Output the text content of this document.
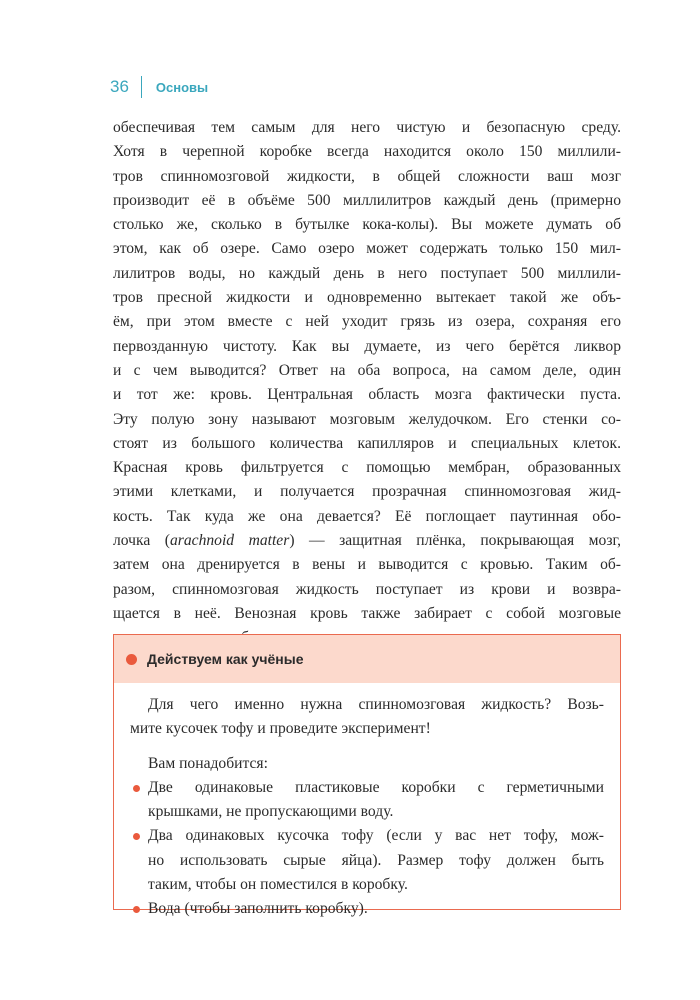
36 Основы
обеспечивая тем самым для него чистую и безопасную среду.
Хотя в черепной коробке всегда находится около 150 миллили-
тров спинномозговой жидкости, в общей сложности ваш мозг
производит её в объёме 500 миллилитров каждый день (примерно
столько же, сколько в бутылке кока-колы). Вы можете думать об
этом, как об озере. Само озеро может содержать только 150 мил-
лилитров воды, но каждый день в него поступает 500 миллили-
тров пресной жидкости и одновременно вытекает такой же объ-
ём, при этом вместе с ней уходит грязь из озера, сохраняя его
первозданную чистоту. Как вы думаете, из чего берётся ликвор
и с чем выводится? Ответ на оба вопроса, на самом деле, один
и тот же: кровь. Центральная область мозга фактически пуста.
Эту полую зону называют мозговым желудочком. Его стенки со-
стоят из большого количества капилляров и специальных клеток.
Красная кровь фильтруется с помощью мембран, образованных
этими клетками, и получается прозрачная спинномозговая жид-
кость. Так куда же она девается? Её поглощает паутинная обо-
лочка (arachnoid matter) — защитная плёнка, покрывающая мозг,
затем она дренируется в вены и выводится с кровью. Таким об-
разом, спинномозговая жидкость поступает из крови и возвра-
щается в неё. Венозная кровь также забирает с собой мозговые
Действуем как учёные
Для чего именно нужна спинномозговая жидкость? Возь-
мите кусочек тофу и проведите эксперимент!
Вам понадобится:
Две одинаковые пластиковые коробки с герметичными
крышками, не пропускающими воду.
Два одинаковых кусочка тофу (если у вас нет тофу, мож-
но использовать сырые яйца). Размер тофу должен быть
таким, чтобы он поместился в коробку.
Вода (чтобы заполнить коробку).
